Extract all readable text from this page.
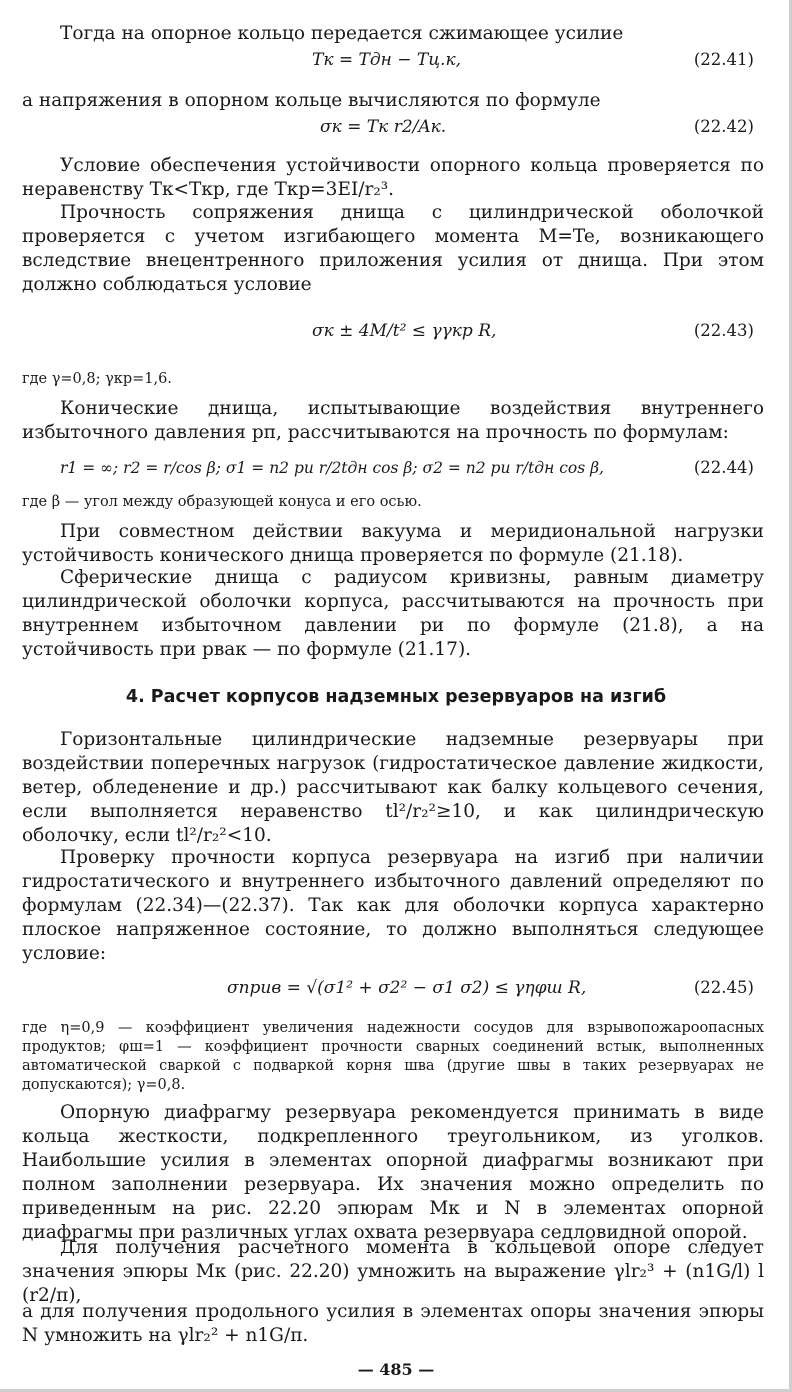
Тогда на опорное кольцо передается сжимающее усилие

Tк = Tдн − Tц.к,	(22.41)

а напряжения в опорном кольце вычисляются по формуле

σк = Tк r2/Aк.	(22.42)

Условие обеспечения устойчивости опорного кольца проверяется по неравенству Tк<Tкр, где Tкр=3EI/r₂³.

Прочность сопряжения днища с цилиндрической оболочкой проверяется с учетом изгибающего момента M=Te, возникающего вследствие внецентренного приложения усилия от днища. При этом должно соблюдаться условие

σк ± 4M/t² ≤ γγкр R,	(22.43)

где γ=0,8; γкр=1,6.

Конические днища, испытывающие воздействия внутреннего избыточного давления pп, рассчитываются на прочность по формулам:

r1 = ∞; r2 = r/cos β; σ1 = n2 pи r/2tдн cos β; σ2 = n2 pи r/tдн cos β,	(22.44)

где β — угол между образующей конуса и его осью.

При совместном действии вакуума и меридиональной нагрузки устойчивость конического днища проверяется по формуле (21.18).

Сферические днища с радиусом кривизны, равным диаметру цилиндрической оболочки корпуса, рассчитываются на прочность при внутреннем избыточном давлении pи по формуле (21.8), а на устойчивость при pвак — по формуле (21.17).

4. Расчет корпусов надземных резервуаров на изгиб

Горизонтальные цилиндрические надземные резервуары при воздействии поперечных нагрузок (гидростатическое давление жидкости, ветер, обледенение и др.) рассчитывают как балку кольцевого сечения, если выполняется неравенство tl²/r₂²≥10, и как цилиндрическую оболочку, если tl²/r₂²<10.

Проверку прочности корпуса резервуара на изгиб при наличии гидростатического и внутреннего избыточного давлений определяют по формулам (22.34)—(22.37). Так как для оболочки корпуса характерно плоское напряженное состояние, то должно выполняться следующее условие:

σприв = √(σ1² + σ2² − σ1 σ2) ≤ γηφш R,	(22.45)

где η=0,9 — коэффициент увеличения надежности сосудов для взрывопожароопасных продуктов; φш=1 — коэффициент прочности сварных соединений встык, выполненных автоматической сваркой с подваркой корня шва (другие швы в таких резервуарах не допускаются); γ=0,8.

Опорную диафрагму резервуара рекомендуется принимать в виде кольца жесткости, подкрепленного треугольником, из уголков. Наибольшие усилия в элементах опорной диафрагмы возникают при полном заполнении резервуара. Их значения можно определить по приведенным на рис. 22.20 эпюрам Mк и N в элементах опорной диафрагмы при различных углах охвата резервуара седловидной опорой.

Для получения расчетного момента в кольцевой опоре следует значения эпюры Mк (рис. 22.20) умножить на выражение γlr₂³ + (n1G/l) l (r2/π),

а для получения продольного усилия в элементах опоры значения эпюры N умножить на γlr₂² + n1G/π.

— 485 —
